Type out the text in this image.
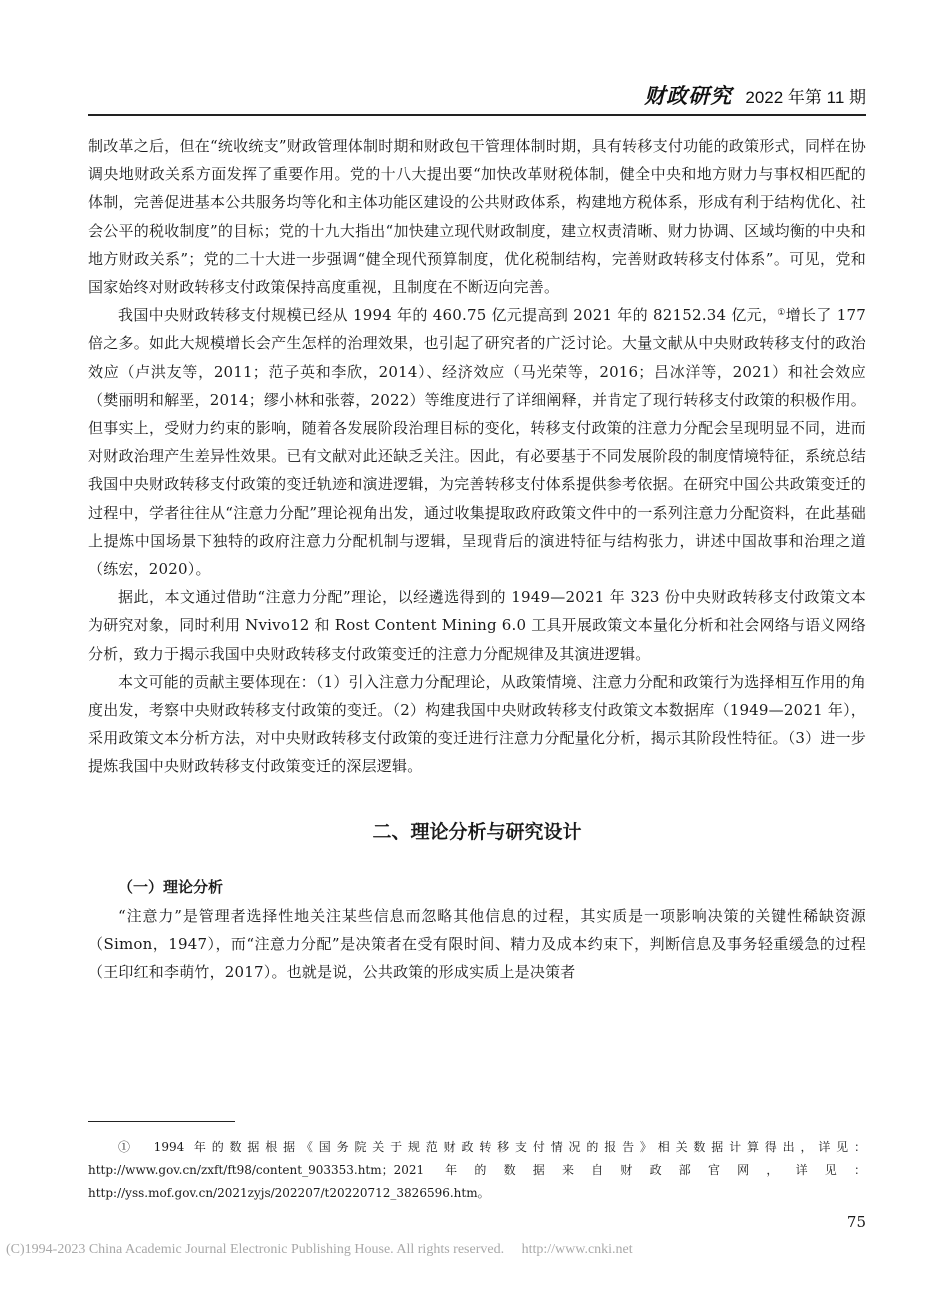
财政研究 2022 年第 11 期

制改革之后，但在“统收统支”财政管理体制时期和财政包干管理体制时期，具有转移支付功能的政策形式，同样在协调央地财政关系方面发挥了重要作用。党的十八大提出要“加快改革财税体制，健全中央和地方财力与事权相匹配的体制，完善促进基本公共服务均等化和主体功能区建设的公共财政体系，构建地方税体系，形成有利于结构优化、社会公平的税收制度”的目标；党的十九大指出“加快建立现代财政制度，建立权责清晰、财力协调、区域均衡的中央和地方财政关系”；党的二十大进一步强调“健全现代预算制度，优化税制结构，完善财政转移支付体系”。可见，党和国家始终对财政转移支付政策保持高度重视，且制度在不断迈向完善。

我国中央财政转移支付规模已经从 1994 年的 460.75 亿元提高到 2021 年的 82152.34 亿元，①增长了 177 倍之多。如此大规模增长会产生怎样的治理效果，也引起了研究者的广泛讨论。大量文献从中央财政转移支付的政治效应（卢洪友等，2011；范子英和李欣，2014）、经济效应（马光荣等，2016；吕冰洋等，2021）和社会效应（樊丽明和解垩，2014；缪小林和张蓉，2022）等维度进行了详细阐释，并肯定了现行转移支付政策的积极作用。但事实上，受财力约束的影响，随着各发展阶段治理目标的变化，转移支付政策的注意力分配会呈现明显不同，进而对财政治理产生差异性效果。已有文献对此还缺乏关注。因此，有必要基于不同发展阶段的制度情境特征，系统总结我国中央财政转移支付政策的变迁轨迹和演进逻辑，为完善转移支付体系提供参考依据。在研究中国公共政策变迁的过程中，学者往往从“注意力分配”理论视角出发，通过收集提取政府政策文件中的一系列注意力分配资料，在此基础上提炼中国场景下独特的政府注意力分配机制与逻辑，呈现背后的演进特征与结构张力，讲述中国故事和治理之道（练宏，2020）。

据此，本文通过借助“注意力分配”理论，以经遴选得到的 1949—2021 年 323 份中央财政转移支付政策文本为研究对象，同时利用 Nvivo12 和 Rost Content Mining 6.0 工具开展政策文本量化分析和社会网络与语义网络分析，致力于揭示我国中央财政转移支付政策变迁的注意力分配规律及其演进逻辑。

本文可能的贡献主要体现在：（1）引入注意力分配理论，从政策情境、注意力分配和政策行为选择相互作用的角度出发，考察中央财政转移支付政策的变迁。（2）构建我国中央财政转移支付政策文本数据库（1949—2021 年），采用政策文本分析方法，对中央财政转移支付政策的变迁进行注意力分配量化分析，揭示其阶段性特征。（3）进一步提炼我国中央财政转移支付政策变迁的深层逻辑。

二、理论分析与研究设计
（一）理论分析

“注意力”是管理者选择性地关注某些信息而忽略其他信息的过程，其实质是一项影响决策的关键性稀缺资源（Simon，1947），而“注意力分配”是决策者在受有限时间、精力及成本约束下，判断信息及事务轻重缓急的过程（王印红和李萌竹，2017）。也就是说，公共政策的形成实质上是决策者

①　1994 年的数据根据《国务院关于规范财政转移支付情况的报告》相关数据计算得出，详见：http://www.gov.cn/zxft/ft98/content_903353.htm；2021 年的数据来自财政部官网，详见：http://yss.mof.gov.cn/2021zyjs/202207/t20220712_3826596.htm。

75
(C)1994-2023 China Academic Journal Electronic Publishing House. All rights reserved. http://www.cnki.net
